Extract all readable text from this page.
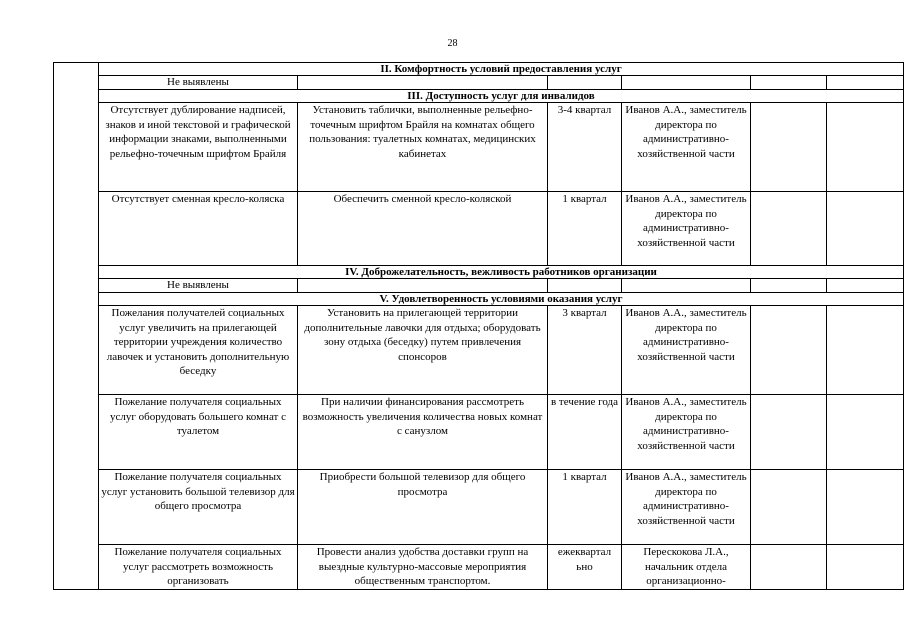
28
	II. Комфортность условий предоставления услуг					
	Не выявлены					
	III. Доступность услуг для инвалидов					
	Отсутствует дублирование надписей, знаков и иной текстовой и графической информации знаками, выполненными рельефно-точечным шрифтом Брайля	Установить таблички, выполненные рельефно-точечным шрифтом Брайля на комнатах общего пользования: туалетных комнатах, медицинских кабинетах	3-4 квартал	Иванов А.А., заместитель директора по административно-хозяйственной части		
	Отсутствует сменная кресло-коляска	Обеспечить сменной кресло-коляской	1 квартал	Иванов А.А., заместитель директора по административно-хозяйственной части		
	IV. Доброжелательность, вежливость работников организации					
	Не выявлены					
	V. Удовлетворенность условиями оказания услуг					
	Пожелания получателей социальных услуг увеличить на прилегающей территории учреждения количество лавочек и установить дополнительную беседку	Установить на прилегающей территории дополнительные лавочки для отдыха; оборудовать зону отдыха (беседку) путем привлечения спонсоров	3 квартал	Иванов А.А., заместитель директора по административно-хозяйственной части		
	Пожелание получателя социальных услуг оборудовать большего комнат с туалетом	При наличии финансирования рассмотреть возможность увеличения количества новых комнат с санузлом	в течение года	Иванов А.А., заместитель директора по административно-хозяйственной части		
	Пожелание получателя социальных услуг установить большой телевизор для общего просмотра	Приобрести большой телевизор для общего просмотра	1 квартал	Иванов А.А., заместитель директора по административно-хозяйственной части		
	Пожелание получателя социальных услуг рассмотреть возможность организовать	Провести анализ удобства доставки групп на выездные культурно-массовые мероприятия общественным транспортом.	ежеквартал ьно	Перескокова Л.А., начальник отдела организационно-		
